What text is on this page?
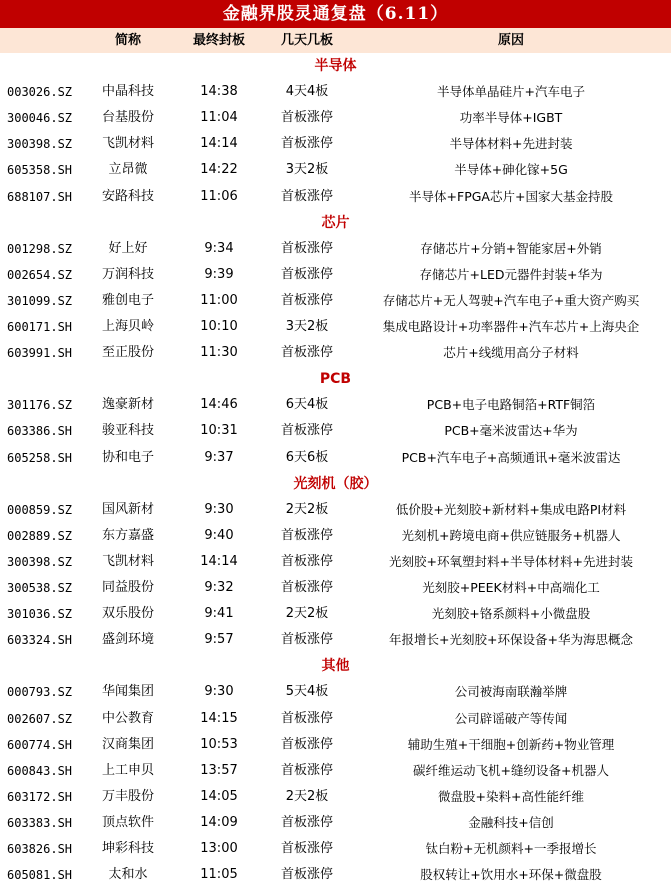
金融界股灵通复盘（6.11）
简称	最终封板	几天几板	原因
半导体
003026.SZ	中晶科技	14:38	4天4板	半导体单晶硅片+汽车电子
300046.SZ	台基股份	11:04	首板涨停	功率半导体+IGBT
300398.SZ	飞凯材料	14:14	首板涨停	半导体材料+先进封装
605358.SH	立昂微	14:22	3天2板	半导体+砷化镓+5G
688107.SH	安路科技	11:06	首板涨停	半导体+FPGA芯片+国家大基金持股
芯片
001298.SZ	好上好	9:34	首板涨停	存储芯片+分销+智能家居+外销
002654.SZ	万润科技	9:39	首板涨停	存储芯片+LED元器件封装+华为
301099.SZ	雅创电子	11:00	首板涨停	存储芯片+无人驾驶+汽车电子+重大资产购买
600171.SH	上海贝岭	10:10	3天2板	集成电路设计+功率器件+汽车芯片+上海央企
603991.SH	至正股份	11:30	首板涨停	芯片+线缆用高分子材料
PCB
301176.SZ	逸豪新材	14:46	6天4板	PCB+电子电路铜箔+RTF铜箔
603386.SH	骏亚科技	10:31	首板涨停	PCB+毫米波雷达+华为
605258.SH	协和电子	9:37	6天6板	PCB+汽车电子+高频通讯+毫米波雷达
光刻机（胶）
000859.SZ	国风新材	9:30	2天2板	低价股+光刻胶+新材料+集成电路PI材料
002889.SZ	东方嘉盛	9:40	首板涨停	光刻机+跨境电商+供应链服务+机器人
300398.SZ	飞凯材料	14:14	首板涨停	光刻胶+环氧塑封料+半导体材料+先进封装
300538.SZ	同益股份	9:32	首板涨停	光刻胶+PEEK材料+中高端化工
301036.SZ	双乐股份	9:41	2天2板	光刻胶+铬系颜料+小微盘股
603324.SH	盛剑环境	9:57	首板涨停	年报增长+光刻胶+环保设备+华为海思概念
其他
000793.SZ	华闻集团	9:30	5天4板	公司被海南联瀚举牌
002607.SZ	中公教育	14:15	首板涨停	公司辟谣破产等传闻
600774.SH	汉商集团	10:53	首板涨停	辅助生殖+干细胞+创新药+物业管理
600843.SH	上工申贝	13:57	首板涨停	碳纤维运动飞机+缝纫设备+机器人
603172.SH	万丰股份	14:05	2天2板	微盘股+染料+高性能纤维
603383.SH	顶点软件	14:09	首板涨停	金融科技+信创
603826.SH	坤彩科技	13:00	首板涨停	钛白粉+无机颜料+一季报增长
605081.SH	太和水	11:05	首板涨停	股权转让+饮用水+环保+微盘股
